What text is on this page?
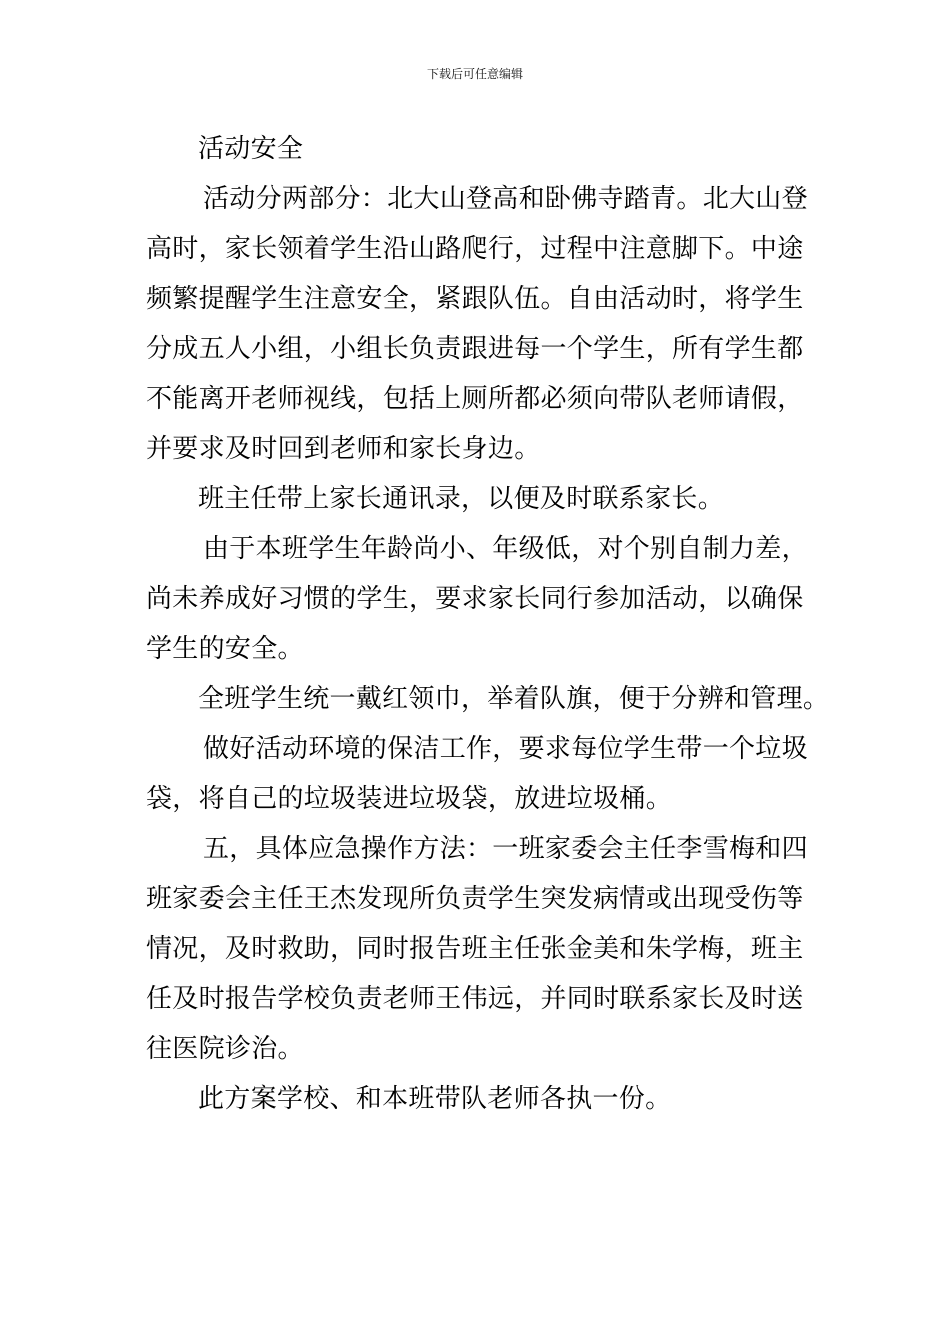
下载后可任意编辑
活动安全
活动分两部分：北大山登高和卧佛寺踏青。北大山登
高时，家长领着学生沿山路爬行，过程中注意脚下。中途
频繁提醒学生注意安全，紧跟队伍。自由活动时，将学生
分成五人小组，小组长负责跟进每一个学生，所有学生都
不能离开老师视线，包括上厕所都必须向带队老师请假，
并要求及时回到老师和家长身边。
班主任带上家长通讯录，以便及时联系家长。
由于本班学生年龄尚小、年级低，对个别自制力差，
尚未养成好习惯的学生，要求家长同行参加活动，以确保
学生的安全。
全班学生统一戴红领巾，举着队旗，便于分辨和管理。
做好活动环境的保洁工作，要求每位学生带一个垃圾
袋，将自己的垃圾装进垃圾袋，放进垃圾桶。
五，具体应急操作方法：一班家委会主任李雪梅和四
班家委会主任王杰发现所负责学生突发病情或出现受伤等
情况，及时救助，同时报告班主任张金美和朱学梅，班主
任及时报告学校负责老师王伟远，并同时联系家长及时送
往医院诊治。
此方案学校、和本班带队老师各执一份。
